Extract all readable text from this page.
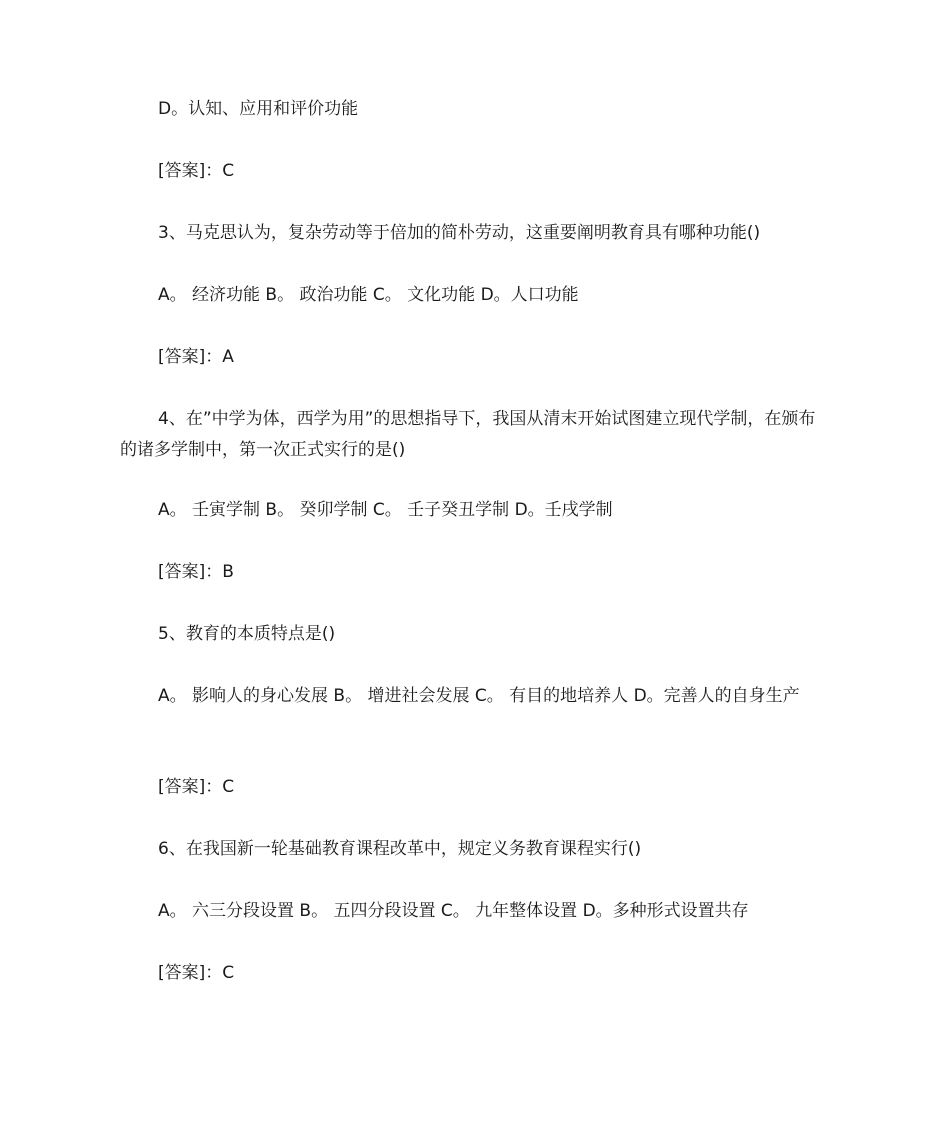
D。认知、应用和评价功能
[答案]：C
3、马克思认为，复杂劳动等于倍加的简朴劳动，这重要阐明教育具有哪种功能()
A。 经济功能 B。 政治功能 C。 文化功能 D。人口功能
[答案]：A
4、在”中学为体，西学为用”的思想指导下，我国从清末开始试图建立现代学制，在颁布的诸多学制中，第一次正式实行的是()
A。 壬寅学制 B。 癸卯学制 C。 壬子癸丑学制 D。壬戌学制
[答案]：B
5、教育的本质特点是()
A。 影响人的身心发展 B。 增进社会发展 C。 有目的地培养人 D。完善人的自身生产
[答案]：C
6、在我国新一轮基础教育课程改革中，规定义务教育课程实行()
A。 六三分段设置 B。 五四分段设置 C。 九年整体设置 D。多种形式设置共存
[答案]：C
